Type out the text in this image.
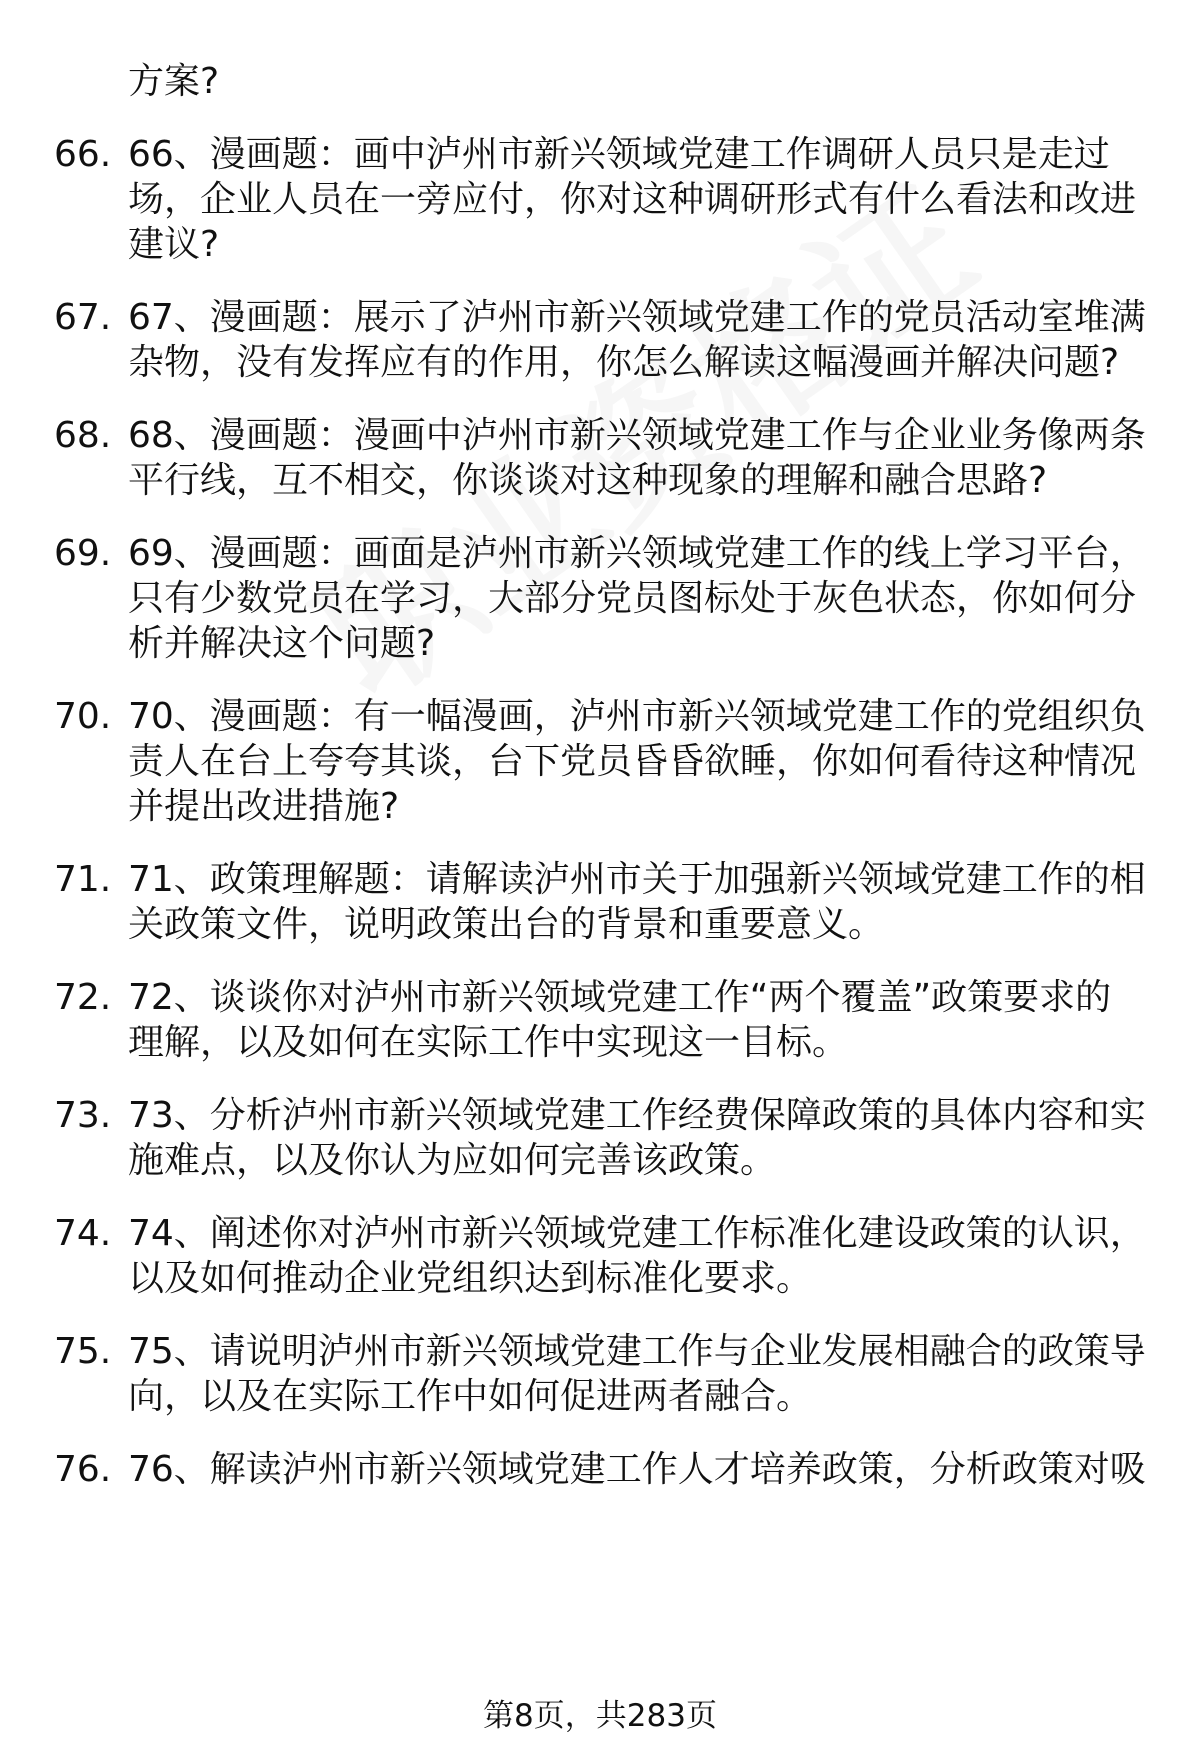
方案?
66. 66、漫画题：画中泸州市新兴领域党建工作调研人员只是走过
场，企业人员在一旁应付，你对这种调研形式有什么看法和改进
建议?
67. 67、漫画题：展示了泸州市新兴领域党建工作的党员活动室堆满
杂物，没有发挥应有的作用，你怎么解读这幅漫画并解决问题?
68. 68、漫画题：漫画中泸州市新兴领域党建工作与企业业务像两条
平行线，互不相交，你谈谈对这种现象的理解和融合思路?
69. 69、漫画题：画面是泸州市新兴领域党建工作的线上学习平台，
只有少数党员在学习，大部分党员图标处于灰色状态，你如何分
析并解决这个问题?
70. 70、漫画题：有一幅漫画，泸州市新兴领域党建工作的党组织负
责人在台上夸夸其谈，台下党员昏昏欲睡，你如何看待这种情况
并提出改进措施?
71. 71、政策理解题：请解读泸州市关于加强新兴领域党建工作的相
关政策文件，说明政策出台的背景和重要意义。
72. 72、谈谈你对泸州市新兴领域党建工作“两个覆盖”政策要求的
理解，以及如何在实际工作中实现这一目标。
73. 73、分析泸州市新兴领域党建工作经费保障政策的具体内容和实
施难点，以及你认为应如何完善该政策。
74. 74、阐述你对泸州市新兴领域党建工作标准化建设政策的认识，
以及如何推动企业党组织达到标准化要求。
75. 75、请说明泸州市新兴领域党建工作与企业发展相融合的政策导
向，以及在实际工作中如何促进两者融合。
76. 76、解读泸州市新兴领域党建工作人才培养政策，分析政策对吸
第8页，共283页
